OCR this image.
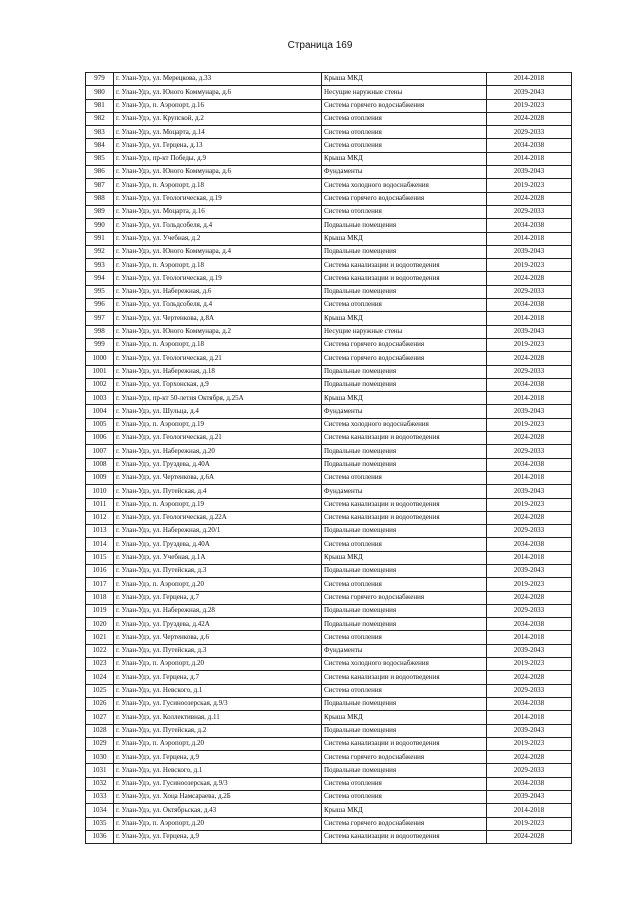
Страница 169
979	г. Улан-Удэ, ул. Мерецкова, д.33	Крыша МКД	2014-2018
980	г. Улан-Удэ, ул. Юного Коммунара, д.6	Несущие наружные стены	2039-2043
981	г. Улан-Удэ, п. Аэропорт, д.16	Система горячего водоснабжения	2019-2023
982	г. Улан-Удэ, ул. Крупской, д.2	Система отопления	2024-2028
983	г. Улан-Удэ, ул. Моцарта, д.14	Система отопления	2029-2033
984	г. Улан-Удэ, ул. Герцена, д.13	Система отопления	2034-2038
985	г. Улан-Удэ, пр-кт Победы, д.9	Крыша МКД	2014-2018
986	г. Улан-Удэ, ул. Юного Коммунара, д.6	Фундаменты	2039-2043
987	г. Улан-Удэ, п. Аэропорт, д.18	Система холодного водоснабжения	2019-2023
988	г. Улан-Удэ, ул. Геологическая, д.19	Система горячего водоснабжения	2024-2028
989	г. Улан-Удэ, ул. Моцарта, д.16	Система отопления	2029-2033
990	г. Улан-Удэ, ул. Гольдсобеля, д.4	Подвальные помещения	2034-2038
991	г. Улан-Удэ, ул. Учебная, д.2	Крыша МКД	2014-2018
992	г. Улан-Удэ, ул. Юного Коммунара, д.4	Подвальные помещения	2039-2043
993	г. Улан-Удэ, п. Аэропорт, д.18	Система канализации и водоотведения	2019-2023
994	г. Улан-Удэ, ул. Геологическая, д.19	Система канализации и водоотведения	2024-2028
995	г. Улан-Удэ, ул. Набережная, д.6	Подвальные помещения	2029-2033
996	г. Улан-Удэ, ул. Гольдсобеля, д.4	Система отопления	2034-2038
997	г. Улан-Удэ, ул. Чертенкова, д.8А	Крыша МКД	2014-2018
998	г. Улан-Удэ, ул. Юного Коммунара, д.2	Несущие наружные стены	2039-2043
999	г. Улан-Удэ, п. Аэропорт, д.18	Система горячего водоснабжения	2019-2023
1000	г. Улан-Удэ, ул. Геологическая, д.21	Система горячего водоснабжения	2024-2028
1001	г. Улан-Удэ, ул. Набережная, д.18	Подвальные помещения	2029-2033
1002	г. Улан-Удэ, ул. Горхонская, д.9	Подвальные помещения	2034-2038
1003	г. Улан-Удэ, пр-кт 50-летия Октября, д.25А	Крыша МКД	2014-2018
1004	г. Улан-Удэ, ул. Шульца, д.4	Фундаменты	2039-2043
1005	г. Улан-Удэ, п. Аэропорт, д.19	Система холодного водоснабжения	2019-2023
1006	г. Улан-Удэ, ул. Геологическая, д.21	Система канализации и водоотведения	2024-2028
1007	г. Улан-Удэ, ул. Набережная, д.20	Подвальные помещения	2029-2033
1008	г. Улан-Удэ, ул. Груздева, д.40А	Подвальные помещения	2034-2038
1009	г. Улан-Удэ, ул. Чертенкова, д.6А	Система отопления	2014-2018
1010	г. Улан-Удэ, ул. Путейская, д.4	Фундаменты	2039-2043
1011	г. Улан-Удэ, п. Аэропорт, д.19	Система канализации и водоотведения	2019-2023
1012	г. Улан-Удэ, ул. Геологическая, д.22А	Система канализации и водоотведения	2024-2028
1013	г. Улан-Удэ, ул. Набережная, д.20/1	Подвальные помещения	2029-2033
1014	г. Улан-Удэ, ул. Груздева, д.40А	Система отопления	2034-2038
1015	г. Улан-Удэ, ул. Учебная, д.1А	Крыша МКД	2014-2018
1016	г. Улан-Удэ, ул. Путейская, д.3	Подвальные помещения	2039-2043
1017	г. Улан-Удэ, п. Аэропорт, д.20	Система отопления	2019-2023
1018	г. Улан-Удэ, ул. Герцена, д.7	Система горячего водоснабжения	2024-2028
1019	г. Улан-Удэ, ул. Набережная, д.28	Подвальные помещения	2029-2033
1020	г. Улан-Удэ, ул. Груздева, д.42А	Подвальные помещения	2034-2038
1021	г. Улан-Удэ, ул. Чертенкова, д.6	Система отопления	2014-2018
1022	г. Улан-Удэ, ул. Путейская, д.3	Фундаменты	2039-2043
1023	г. Улан-Удэ, п. Аэропорт, д.20	Система холодного водоснабжения	2019-2023
1024	г. Улан-Удэ, ул. Герцена, д.7	Система канализации и водоотведения	2024-2028
1025	г. Улан-Удэ, ул. Невского, д.1	Система отопления	2029-2033
1026	г. Улан-Удэ, ул. Гусиноозерская, д.9/3	Подвальные помещения	2034-2038
1027	г. Улан-Удэ, ул. Коллективная, д.11	Крыша МКД	2014-2018
1028	г. Улан-Удэ, ул. Путейская, д.2	Подвальные помещения	2039-2043
1029	г. Улан-Удэ, п. Аэропорт, д.20	Система канализации и водоотведения	2019-2023
1030	г. Улан-Удэ, ул. Герцена, д.9	Система горячего водоснабжения	2024-2028
1031	г. Улан-Удэ, ул. Невского, д.1	Подвальные помещения	2029-2033
1032	г. Улан-Удэ, ул. Гусиноозерская, д.9/3	Система отопления	2034-2038
1033	г. Улан-Удэ, ул. Хоца Намсараева, д.2Б	Система отопления	2039-2043
1034	г. Улан-Удэ, ул. Октябрьская, д.43	Крыша МКД	2014-2018
1035	г. Улан-Удэ, п. Аэропорт, д.20	Система горячего водоснабжения	2019-2023
1036	г. Улан-Удэ, ул. Герцена, д.9	Система канализации и водоотведения	2024-2028
